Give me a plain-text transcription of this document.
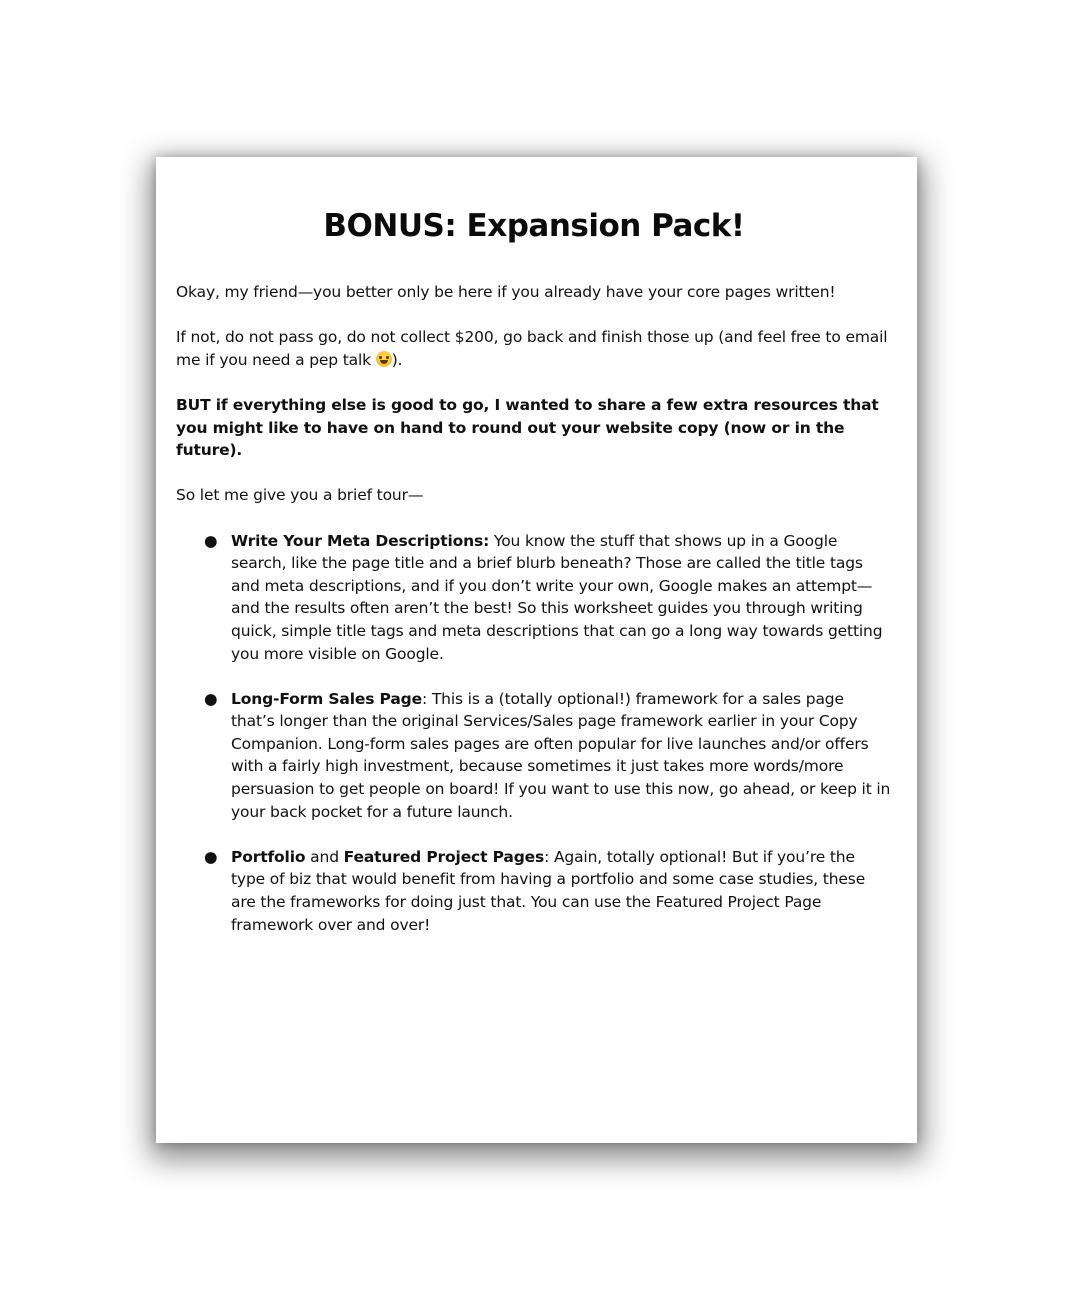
BONUS: Expansion Pack!

Okay, my friend—you better only be here if you already have your core pages written!

If not, do not pass go, do not collect $200, go back and finish those up (and feel free to email me if you need a pep talk ).

BUT if everything else is good to go, I wanted to share a few extra resources that you might like to have on hand to round out your website copy (now or in the future).

So let me give you a brief tour—

● Write Your Meta Descriptions: You know the stuff that shows up in a Google search, like the page title and a brief blurb beneath? Those are called the title tags and meta descriptions, and if you don’t write your own, Google makes an attempt—and the results often aren’t the best! So this worksheet guides you through writing quick, simple title tags and meta descriptions that can go a long way towards getting you more visible on Google.
● Long-Form Sales Page: This is a (totally optional!) framework for a sales page that’s longer than the original Services/Sales page framework earlier in your Copy Companion. Long-form sales pages are often popular for live launches and/or offers with a fairly high investment, because sometimes it just takes more words/more persuasion to get people on board! If you want to use this now, go ahead, or keep it in your back pocket for a future launch.
● Portfolio and Featured Project Pages: Again, totally optional! But if you’re the type of biz that would benefit from having a portfolio and some case studies, these are the frameworks for doing just that. You can use the Featured Project Page framework over and over!
